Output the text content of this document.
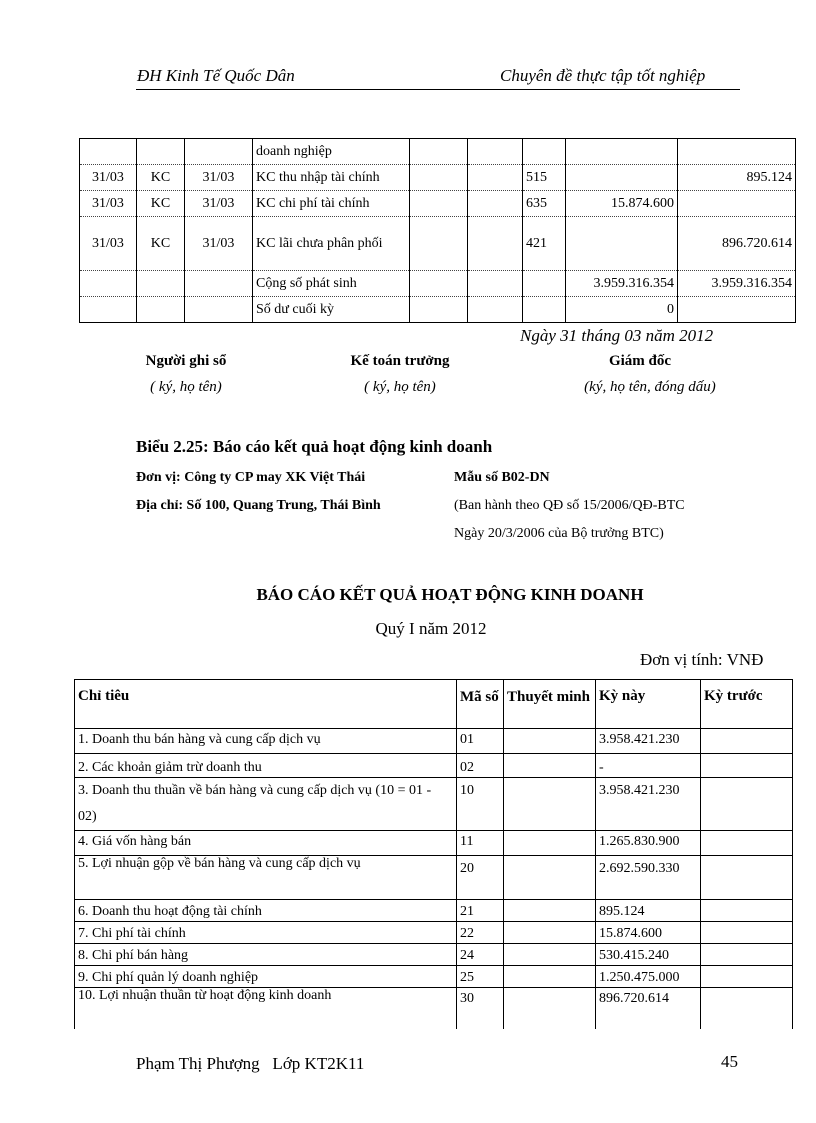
ĐH Kinh Tế Quốc Dân	Chuyên đề thực tập tốt nghiệp
			doanh nghiệp					
31/03	KC	31/03	KC thu nhập tài chính			515		895.124
31/03	KC	31/03	KC chi phí tài chính			635	15.874.600	
31/03	KC	31/03	KC lãi chưa phân phối			421		896.720.614
			Cộng số phát sinh				3.959.316.354	3.959.316.354
			Số dư cuối kỳ				0	
Ngày 31 tháng 03 năm 2012
Người ghi sổ	Kế toán trưởng	Giám đốc
( ký, họ tên)	( ký, họ tên)	(ký, họ tên, đóng dấu)
Biểu 2.25: Báo cáo kết quả hoạt động kinh doanh
Đơn vị: Công ty CP may XK Việt Thái
Địa chỉ: Số 100, Quang Trung, Thái Bình
Mẫu số B02-DN
(Ban hành theo QĐ số 15/2006/QĐ-BTC
Ngày 20/3/2006 của Bộ trưởng BTC)
BÁO CÁO KẾT QUẢ HOẠT ĐỘNG KINH DOANH
Quý I năm 2012
Đơn vị tính: VNĐ
Chỉ tiêu	Mã số	Thuyết minh	Kỳ này	Kỳ trước
1. Doanh thu bán hàng và cung cấp dịch vụ	01		3.958.421.230	
2. Các khoản giảm trừ doanh thu	02		-	
3. Doanh thu thuần về bán hàng và cung cấp dịch vụ (10 = 01 - 02)	10		3.958.421.230	
4. Giá vốn hàng bán	11		1.265.830.900	
5. Lợi nhuận gộp về bán hàng và cung cấp dịch vụ	20		2.692.590.330	
6. Doanh thu hoạt động tài chính	21		895.124	
7. Chi phí tài chính	22		15.874.600	
8. Chi phí bán hàng	24		530.415.240	
9. Chi phí quản lý doanh nghiệp	25		1.250.475.000	
10. Lợi nhuận thuần từ hoạt động kinh doanh	30		896.720.614	
Phạm Thị Phượng   Lớp KT2K11	45
